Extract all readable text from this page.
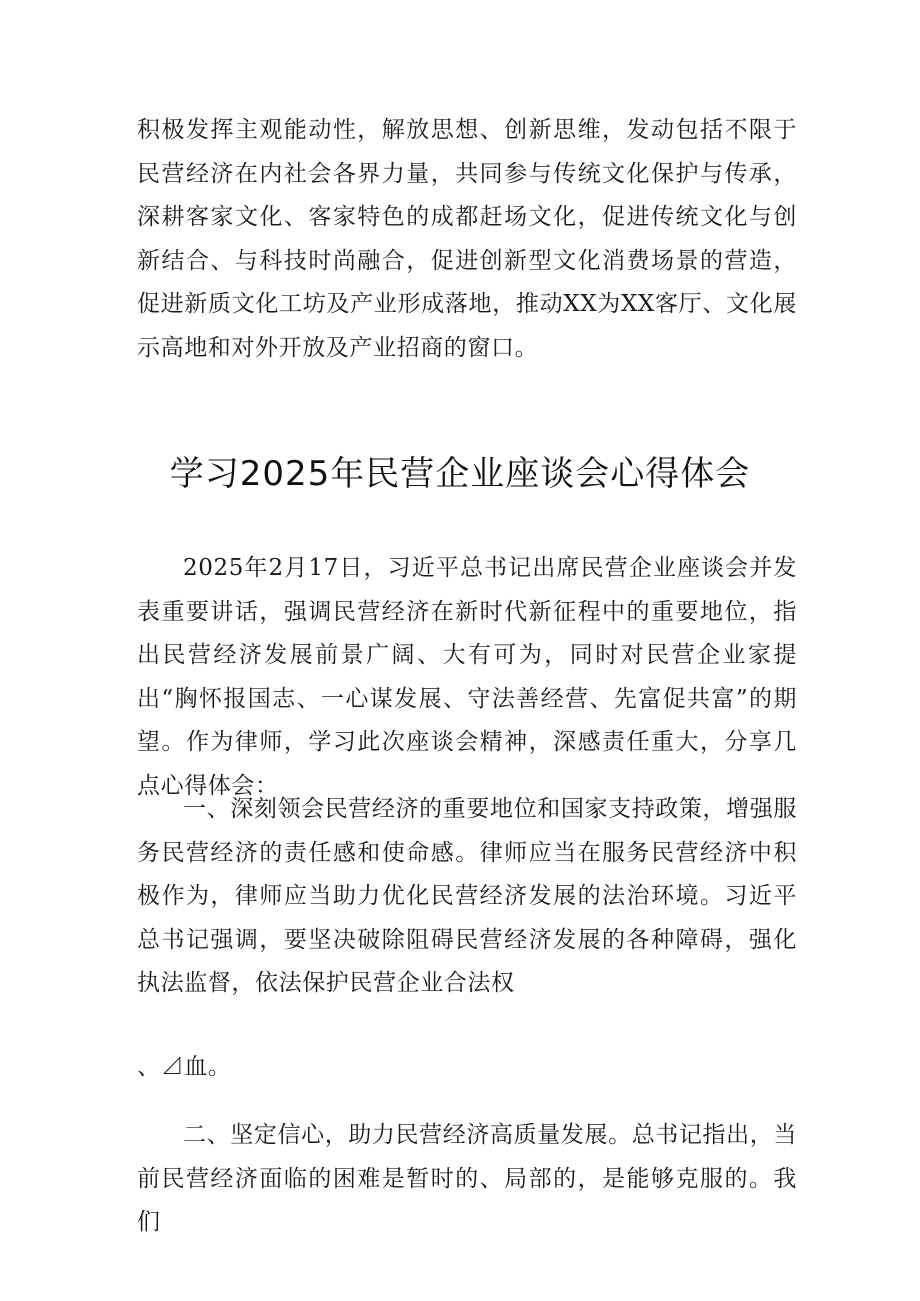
积极发挥主观能动性，解放思想、创新思维，发动包括不限于民营经济在内社会各界力量，共同参与传统文化保护与传承，深耕客家文化、客家特色的成都赶场文化，促进传统文化与创新结合、与科技时尚融合，促进创新型文化消费场景的营造，促进新质文化工坊及产业形成落地，推动XX为XX客厅、文化展示高地和对外开放及产业招商的窗口。

学习2025年民营企业座谈会心得体会

2025年2月17日，习近平总书记出席民营企业座谈会并发表重要讲话，强调民营经济在新时代新征程中的重要地位，指出民营经济发展前景广阔、大有可为，同时对民营企业家提出“胸怀报国志、一心谋发展、守法善经营、先富促共富”的期望。作为律师，学习此次座谈会精神，深感责任重大，分享几点心得体会：

一、深刻领会民营经济的重要地位和国家支持政策，增强服务民营经济的责任感和使命感。律师应当在服务民营经济中积极作为，律师应当助力优化民营经济发展的法治环境。习近平总书记强调，要坚决破除阻碍民营经济发展的各种障碍，强化执法监督，依法保护民营企业合法权

、⊿血。

二、坚定信心，助力民营经济高质量发展。总书记指出，当前民营经济面临的困难是暂时的、局部的，是能够克服的。我们
